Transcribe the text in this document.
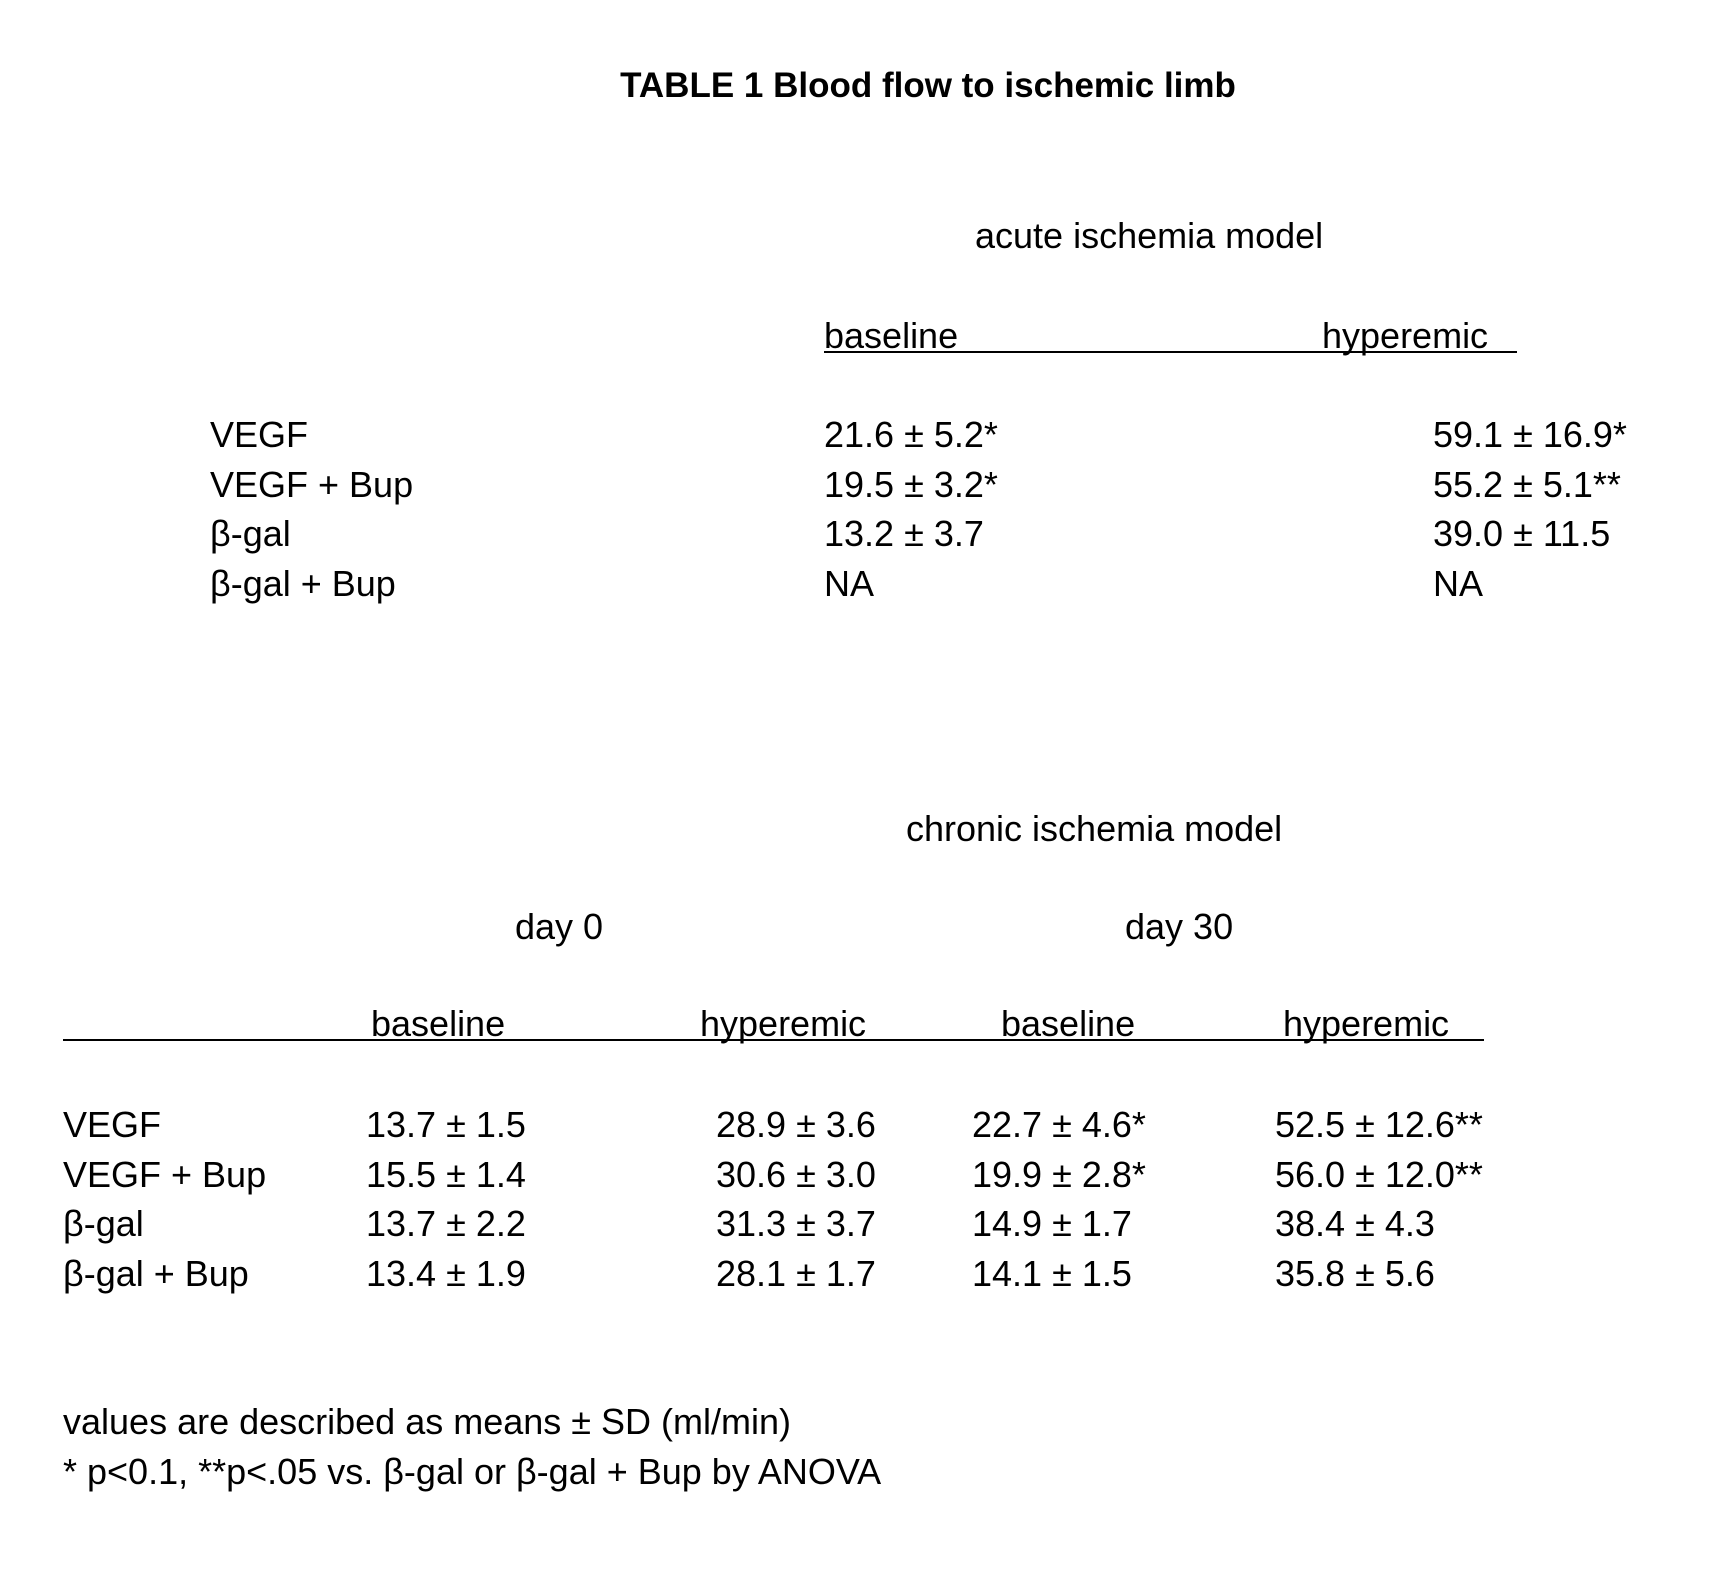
TABLE 1 Blood flow to ischemic limb
acute ischemia model
baseline	hyperemic
VEGF	21.6 ± 5.2*	59.1 ± 16.9*
VEGF + Bup	19.5 ± 3.2*	55.2 ± 5.1**
β-gal	13.2 ± 3.7	39.0 ± 11.5
β-gal + Bup	NA	NA
chronic ischemia model
day 0	day 30
baseline	hyperemic	baseline	hyperemic
VEGF	13.7 ± 1.5	28.9 ± 3.6	22.7 ± 4.6*	52.5 ± 12.6**
VEGF + Bup	15.5 ± 1.4	30.6 ± 3.0	19.9 ± 2.8*	56.0 ± 12.0**
β-gal	13.7 ± 2.2	31.3 ± 3.7	14.9 ± 1.7	38.4 ± 4.3
β-gal + Bup	13.4 ± 1.9	28.1 ± 1.7	14.1 ± 1.5	35.8 ± 5.6
values are described as means ± SD (ml/min)
* p<0.1, **p<.05 vs. β-gal or β-gal + Bup by ANOVA
